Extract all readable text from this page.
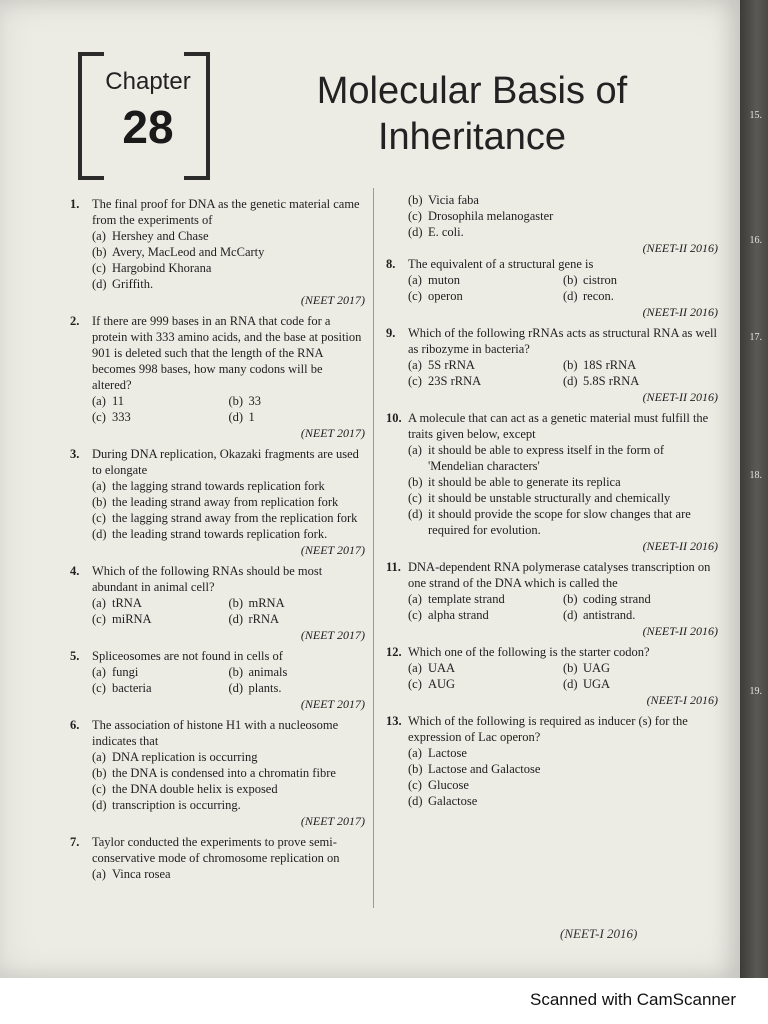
Chapter
28
Molecular Basis of
Inheritance
1. The final proof for DNA as the genetic material came from the experiments of

(a) Hershey and Chase
(b) Avery, MacLeod and McCarty
(c) Hargobind Khorana
(d) Griffith.
(NEET 2017)
2. If there are 999 bases in an RNA that code for a protein with 333 amino acids, and the base at position 901 is deleted such that the length of the RNA becomes 998 bases, how many codons will be altered?

(a) 11	(b) 33
(c) 333	(d) 1
(NEET 2017)
3. During DNA replication, Okazaki fragments are used to elongate

(a) the lagging strand towards replication fork
(b) the leading strand away from replication fork
(c) the lagging strand away from the replication fork
(d) the leading strand towards replication fork.
(NEET 2017)
4. Which of the following RNAs should be most abundant in animal cell?

(a) tRNA	(b) mRNA
(c) miRNA	(d) rRNA
(NEET 2017)
5. Spliceosomes are not found in cells of

(a) fungi	(b) animals
(c) bacteria	(d) plants.
(NEET 2017)
6. The association of histone H1 with a nucleosome indicates that

(a) DNA replication is occurring
(b) the DNA is condensed into a chromatin fibre
(c) the DNA double helix is exposed
(d) transcription is occurring.
(NEET 2017)
7. Taylor conducted the experiments to prove semi-conservative mode of chromosome replication on

(a) Vinca rosea
(b) Vicia faba
(c) Drosophila melanogaster
(d) E. coli.
(NEET-II 2016)
8. The equivalent of a structural gene is

(a) muton	(b) cistron
(c) operon	(d) recon.
(NEET-II 2016)
9. Which of the following rRNAs acts as structural RNA as well as ribozyme in bacteria?

(a) 5S rRNA	(b) 18S rRNA
(c) 23S rRNA	(d) 5.8S rRNA
(NEET-II 2016)
10. A molecule that can act as a genetic material must fulfill the traits given below, except

(a) it should be able to express itself in the form of 'Mendelian characters'
(b) it should be able to generate its replica
(c) it should be unstable structurally and chemically
(d) it should provide the scope for slow changes that are required for evolution.
(NEET-II 2016)
11. DNA-dependent RNA polymerase catalyses transcription on one strand of the DNA which is called the

(a) template strand	(b) coding strand
(c) alpha strand	(d) antistrand.
(NEET-II 2016)
12. Which one of the following is the starter codon?

(a) UAA	(b) UAG
(c) AUG	(d) UGA
(NEET-I 2016)
13. Which of the following is required as inducer (s) for the expression of Lac operon?

(a) Lactose
(b) Lactose and Galactose
(c) Glucose
(d) Galactose
(NEET-I 2016)
15.
16.
17.
18.
19.
Scanned with CamScanner
